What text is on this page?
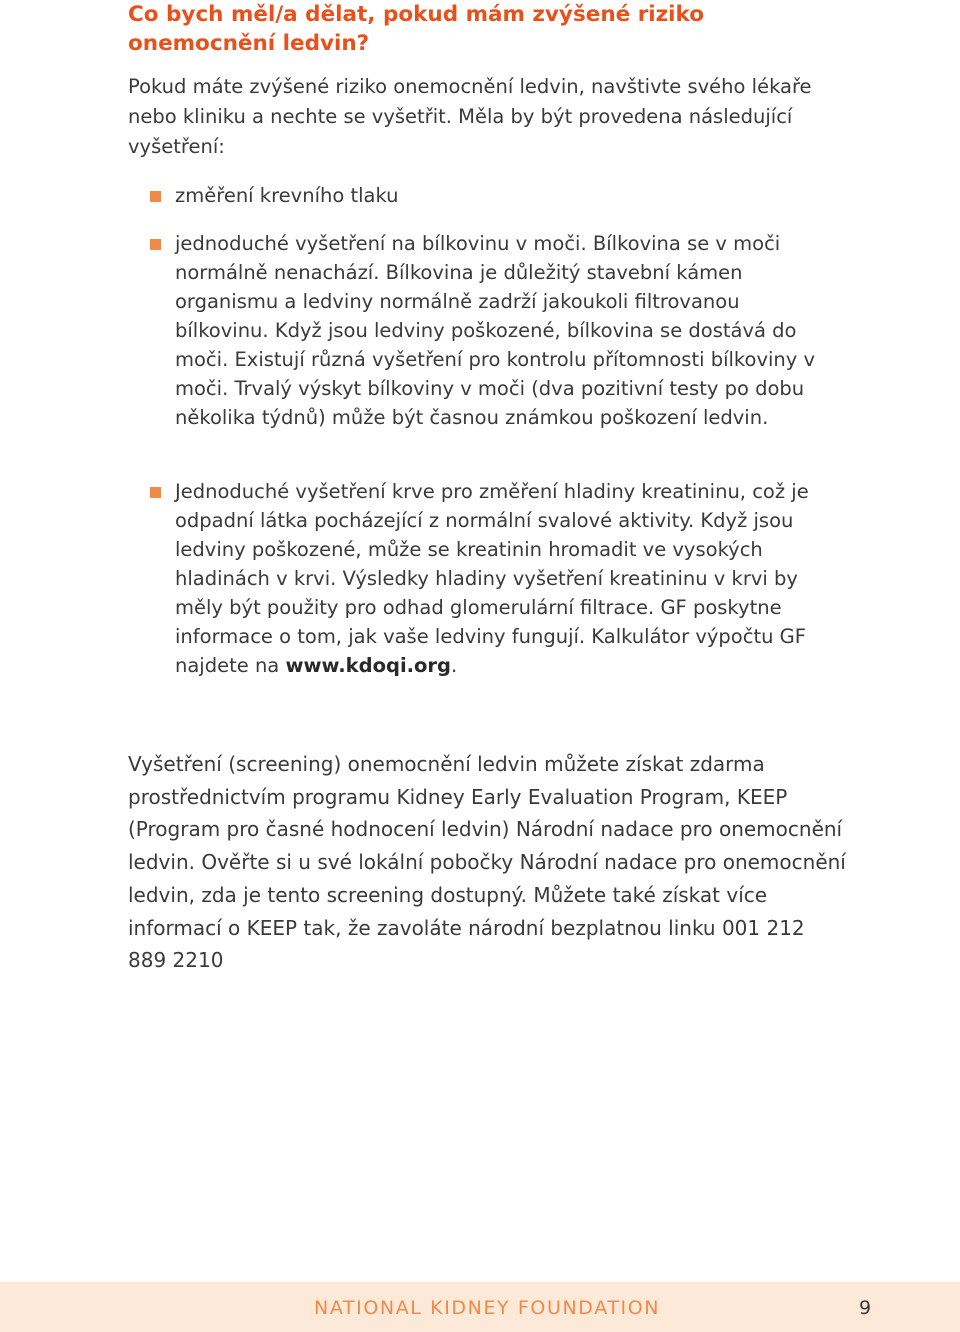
Co bych měl/a dělat, pokud mám zvýšené riziko onemocnění ledvin?

Pokud máte zvýšené riziko onemocnění ledvin, navštivte svého lékaře nebo kliniku a nechte se vyšetřit. Měla by být provedena následující vyšetření:

změření krevního tlaku
jednoduché vyšetření na bílkovinu v moči. Bílkovina se v moči normálně nenachází. Bílkovina je důležitý stavební kámen organismu a ledviny normálně zadrží jakoukoli filtrovanou bílkovinu. Když jsou ledviny poškozené, bílkovina se dostává do moči. Existují různá vyšetření pro kontrolu přítomnosti bílkoviny v moči. Trvalý výskyt bílkoviny v moči (dva pozitivní testy po dobu několika týdnů) může být časnou známkou poškození ledvin.
Jednoduché vyšetření krve pro změření hladiny kreatininu, což je odpadní látka pocházející z normální svalové aktivity. Když jsou ledviny poškozené, může se kreatinin hromadit ve vysokých hladinách v krvi. Výsledky hladiny vyšetření kreatininu v krvi by měly být použity pro odhad glomerulární filtrace. GF poskytne informace o tom, jak vaše ledviny fungují. Kalkulátor výpočtu GF najdete na www.kdoqi.org.

Vyšetření (screening) onemocnění ledvin můžete získat zdarma prostřednictvím programu Kidney Early Evaluation Program, KEEP (Program pro časné hodnocení ledvin) Národní nadace pro onemocnění ledvin. Ověřte si u své lokální pobočky Národní nadace pro onemocnění ledvin, zda je tento screening dostupný. Můžete také získat více informací o KEEP tak, že zavoláte národní bezplatnou linku 001 212 889 2210

NATIONAL KIDNEY FOUNDATION	9
